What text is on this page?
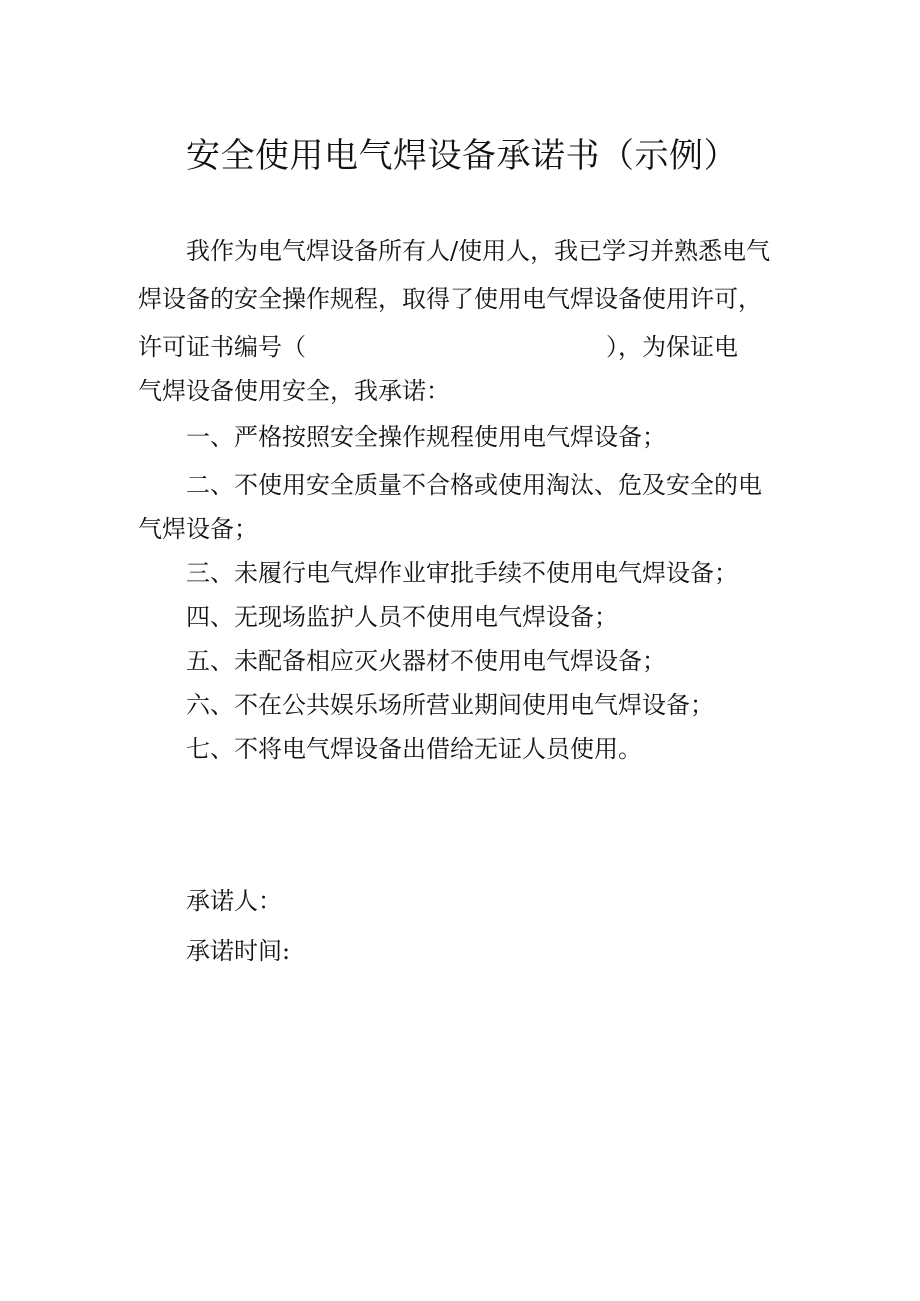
安全使用电气焊设备承诺书（示例）
我作为电气焊设备所有人/使用人，我已学习并熟悉电气
焊设备的安全操作规程，取得了使用电气焊设备使用许可，
许可证书编号（	），为保证电
气焊设备使用安全，我承诺：
一、严格按照安全操作规程使用电气焊设备；
二、不使用安全质量不合格或使用淘汰、危及安全的电
气焊设备；
三、未履行电气焊作业审批手续不使用电气焊设备；
四、无现场监护人员不使用电气焊设备；
五、未配备相应灭火器材不使用电气焊设备；
六、不在公共娱乐场所营业期间使用电气焊设备；
七、不将电气焊设备出借给无证人员使用。
承诺人：
承诺时间:
